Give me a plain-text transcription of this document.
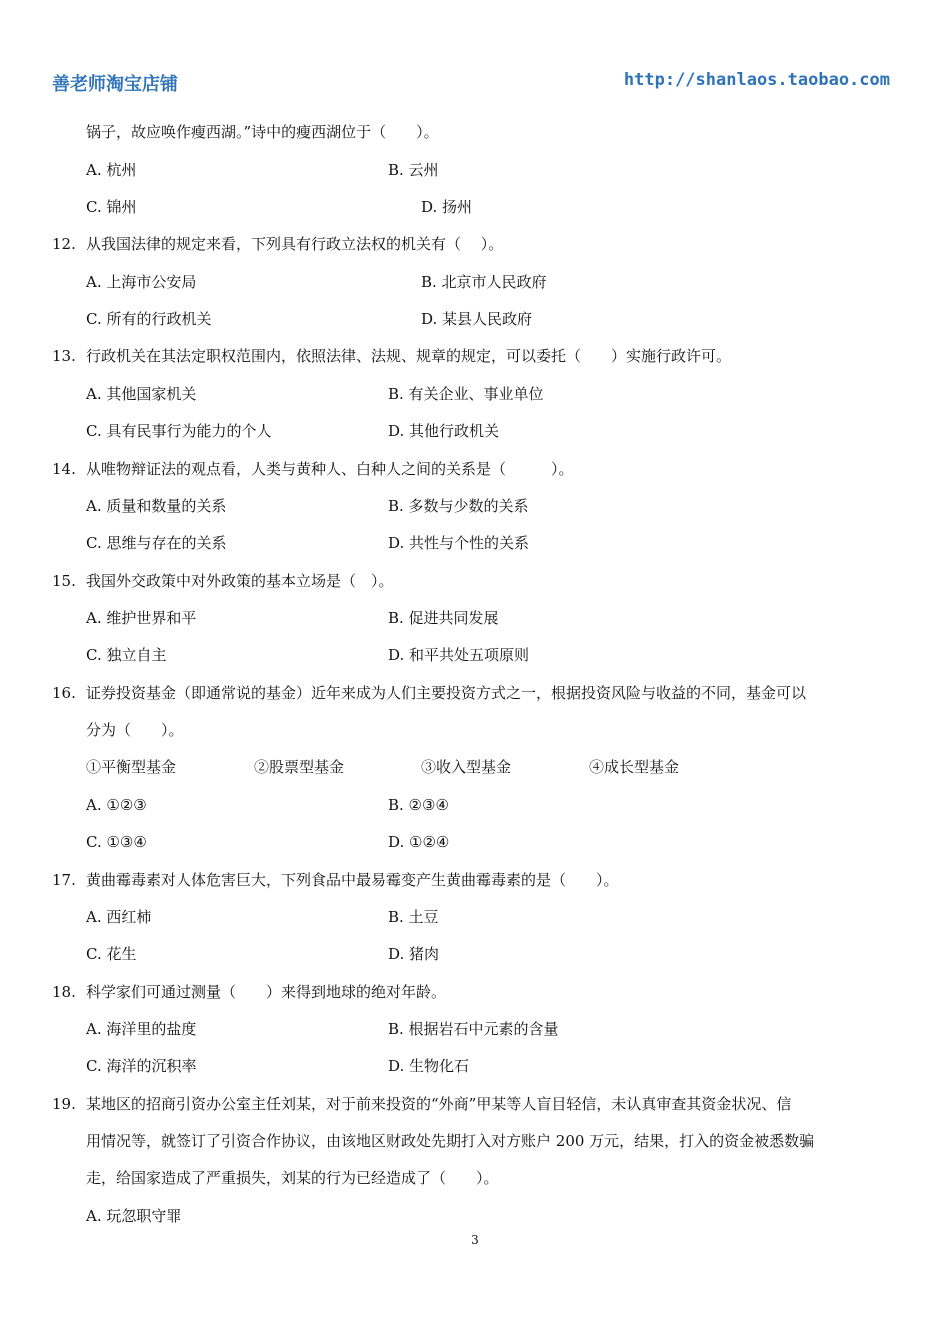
善老师淘宝店铺	http://shanlaos.taobao.com
锅子，故应唤作瘦西湖。”诗中的瘦西湖位于（　　）。
A. 杭州	B. 云州
C. 锦州	D. 扬州
12. 从我国法律的规定来看，下列具有行政立法权的机关有（　 ）。
A. 上海市公安局	B. 北京市人民政府
C. 所有的行政机关	D. 某县人民政府
13. 行政机关在其法定职权范围内，依照法律、法规、规章的规定，可以委托（　　）实施行政许可。
A. 其他国家机关	B. 有关企业、事业单位
C. 具有民事行为能力的个人	D. 其他行政机关
14. 从唯物辩证法的观点看，人类与黄种人、白种人之间的关系是（　　　）。
A. 质量和数量的关系	B. 多数与少数的关系
C. 思维与存在的关系	D. 共性与个性的关系
15. 我国外交政策中对外政策的基本立场是（　）。
A. 维护世界和平	B. 促进共同发展
C. 独立自主	D. 和平共处五项原则
16. 证券投资基金（即通常说的基金）近年来成为人们主要投资方式之一，根据投资风险与收益的不同，基金可以
分为（　　）。
①平衡型基金	②股票型基金	③收入型基金	④成长型基金
A. ①②③	B. ②③④
C. ①③④	D. ①②④
17. 黄曲霉毒素对人体危害巨大，下列食品中最易霉变产生黄曲霉毒素的是（　　）。
A. 西红柿	B. 土豆
C. 花生	D. 猪肉
18. 科学家们可通过测量（　　）来得到地球的绝对年龄。
A. 海洋里的盐度	B. 根据岩石中元素的含量
C. 海洋的沉积率	D. 生物化石
19. 某地区的招商引资办公室主任刘某，对于前来投资的“外商”甲某等人盲目轻信，未认真审查其资金状况、信
用情况等，就签订了引资合作协议，由该地区财政处先期打入对方账户 200 万元，结果，打入的资金被悉数骗
走，给国家造成了严重损失，刘某的行为已经造成了（　　）。
A. 玩忽职守罪
3
